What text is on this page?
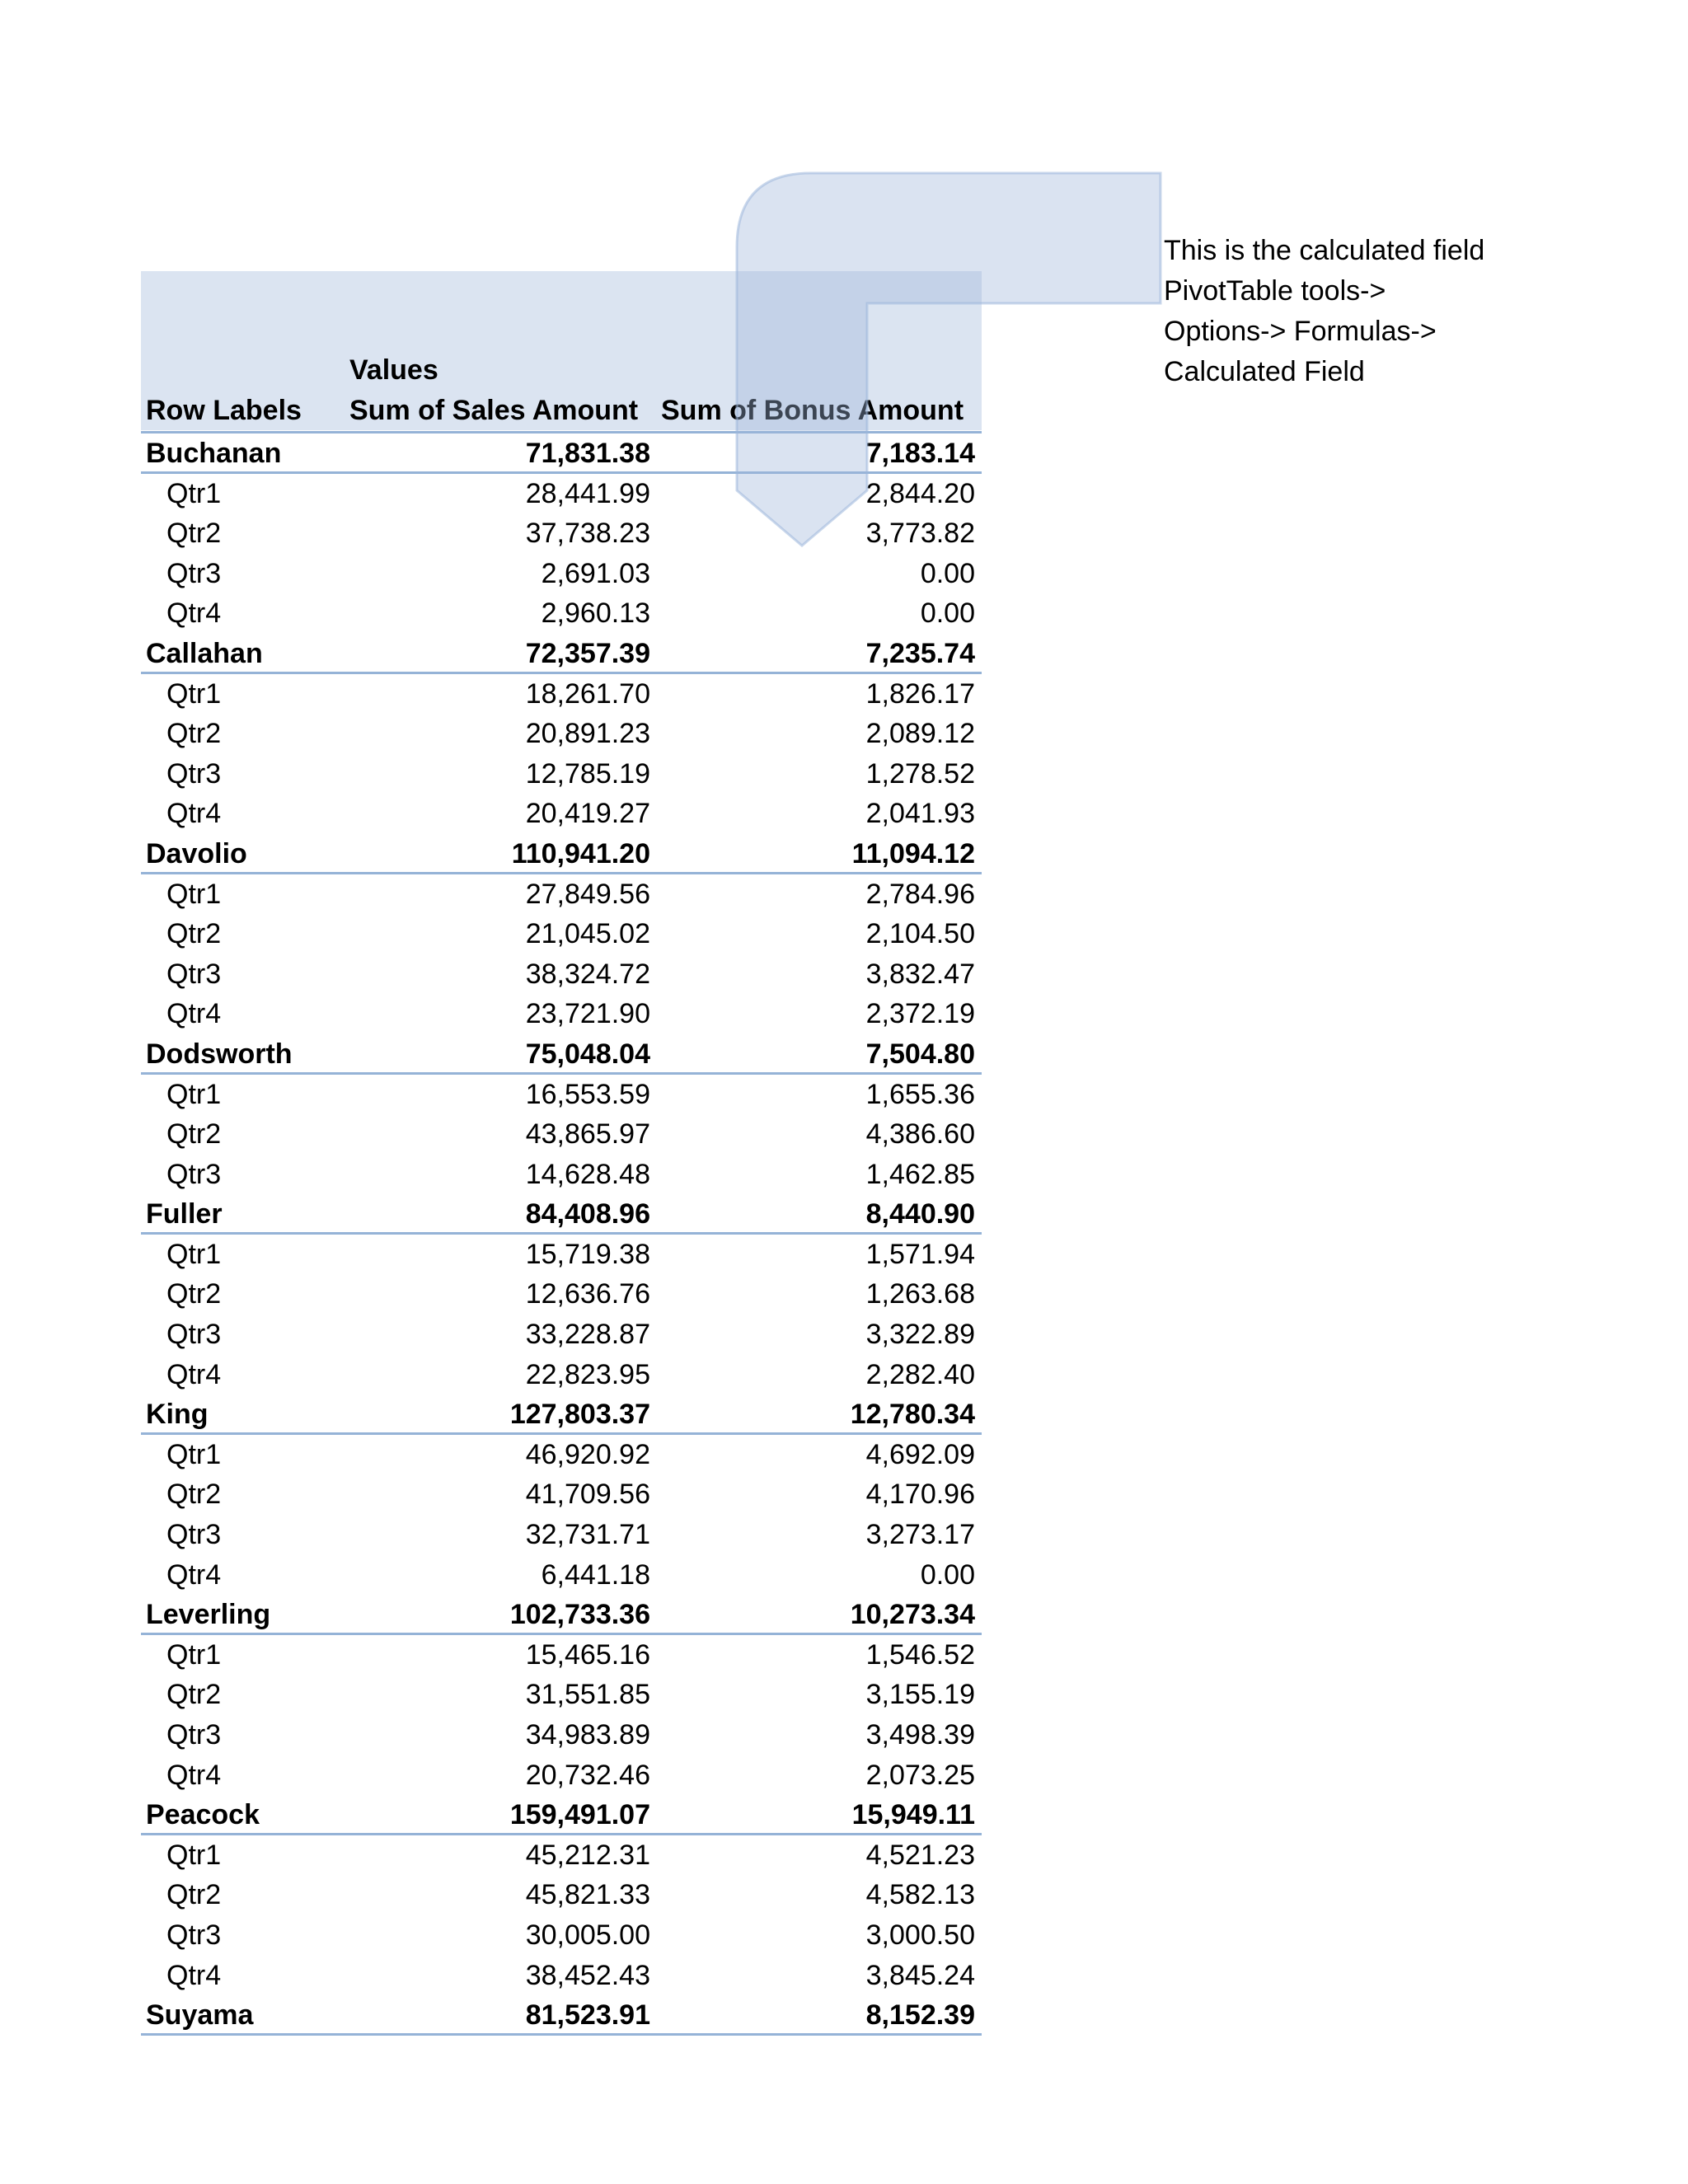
Values
Row Labels Sum of Sales Amount Sum of Bonus Amount
Buchanan	71,831.38	7,183.14
Qtr1	28,441.99	2,844.20
Qtr2	37,738.23	3,773.82
Qtr3	2,691.03	0.00
Qtr4	2,960.13	0.00
Callahan	72,357.39	7,235.74
Qtr1	18,261.70	1,826.17
Qtr2	20,891.23	2,089.12
Qtr3	12,785.19	1,278.52
Qtr4	20,419.27	2,041.93
Davolio	110,941.20	11,094.12
Qtr1	27,849.56	2,784.96
Qtr2	21,045.02	2,104.50
Qtr3	38,324.72	3,832.47
Qtr4	23,721.90	2,372.19
Dodsworth	75,048.04	7,504.80
Qtr1	16,553.59	1,655.36
Qtr2	43,865.97	4,386.60
Qtr3	14,628.48	1,462.85
Fuller	84,408.96	8,440.90
Qtr1	15,719.38	1,571.94
Qtr2	12,636.76	1,263.68
Qtr3	33,228.87	3,322.89
Qtr4	22,823.95	2,282.40
King	127,803.37	12,780.34
Qtr1	46,920.92	4,692.09
Qtr2	41,709.56	4,170.96
Qtr3	32,731.71	3,273.17
Qtr4	6,441.18	0.00
Leverling	102,733.36	10,273.34
Qtr1	15,465.16	1,546.52
Qtr2	31,551.85	3,155.19
Qtr3	34,983.89	3,498.39
Qtr4	20,732.46	2,073.25
Peacock	159,491.07	15,949.11
Qtr1	45,212.31	4,521.23
Qtr2	45,821.33	4,582.13
Qtr3	30,005.00	3,000.50
Qtr4	38,452.43	3,845.24
Suyama	81,523.91	8,152.39
This is the calculated field
PivotTable tools->
Options-> Formulas->
Calculated Field
